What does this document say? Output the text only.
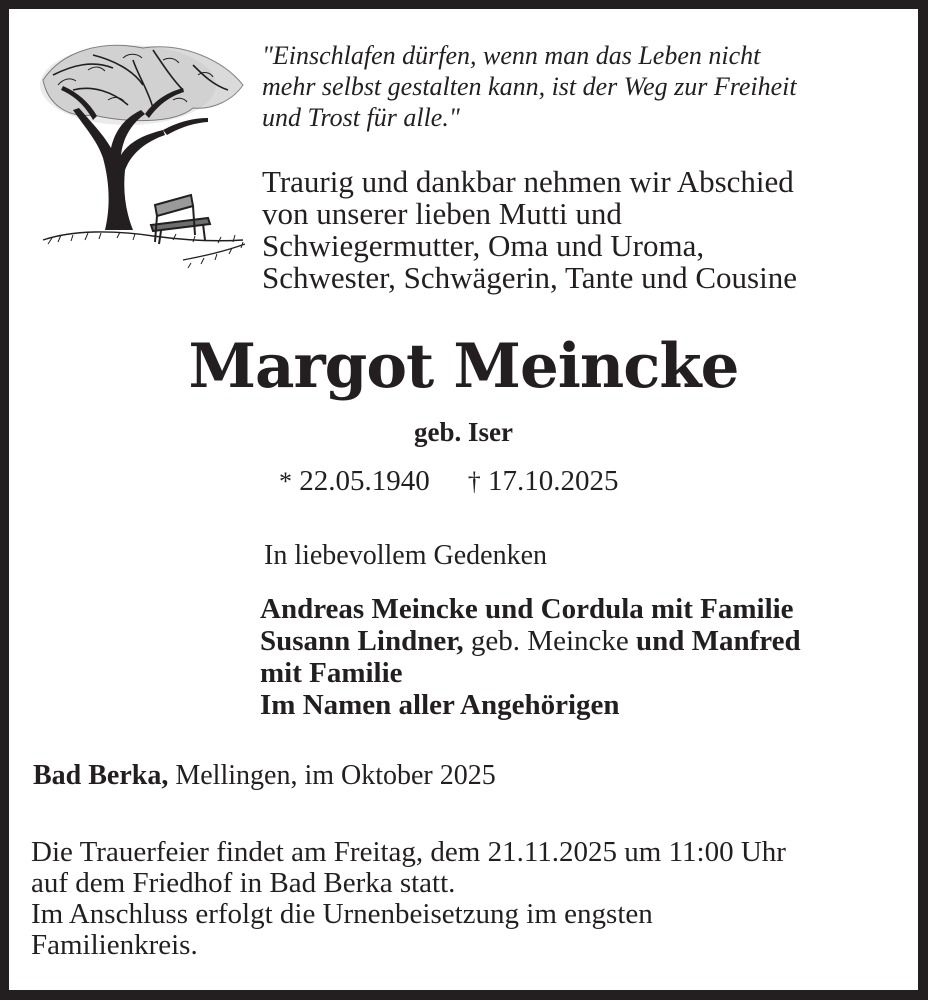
"Einschlafen dürfen, wenn man das Leben nicht
mehr selbst gestalten kann, ist der Weg zur Freiheit
und Trost für alle."

Traurig und dankbar nehmen wir Abschied
von unserer lieben Mutti und
Schwiegermutter, Oma und Uroma,
Schwester, Schwägerin, Tante und Cousine

Margot Meincke

geb. Iser

* 22.05.1940 † 17.10.2025

In liebevollem Gedenken

Andreas Meincke und Cordula mit Familie
Susann Lindner, geb. Meincke und Manfred
mit Familie
Im Namen aller Angehörigen

Bad Berka, Mellingen, im Oktober 2025

Die Trauerfeier findet am Freitag, dem 21.11.2025 um 11:00 Uhr
auf dem Friedhof in Bad Berka statt.
Im Anschluss erfolgt die Urnenbeisetzung im engsten
Familienkreis.
